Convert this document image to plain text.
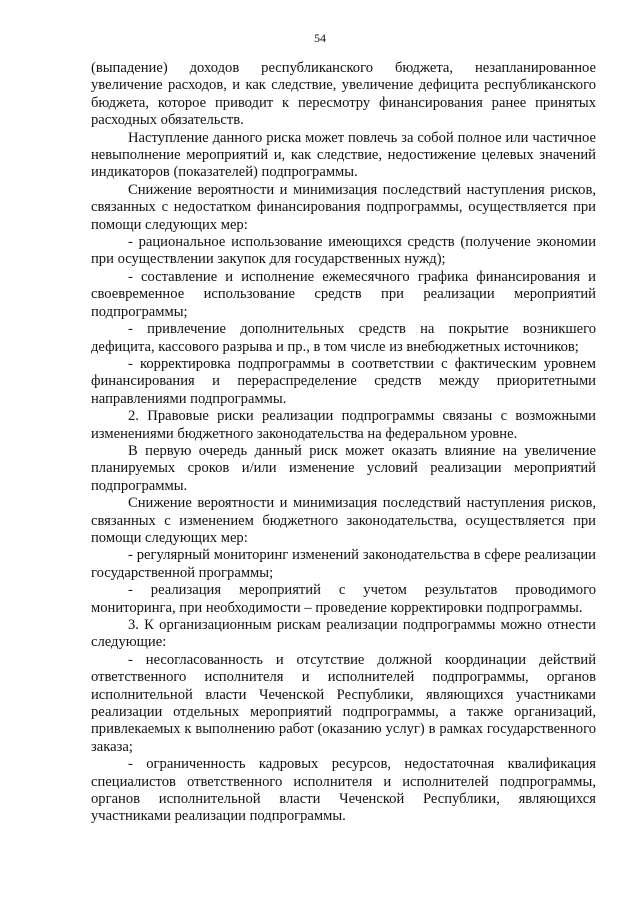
54

(выпадение) доходов республиканского бюджета, незапланированное увеличение расходов, и как следствие, увеличение дефицита республиканского бюджета, которое приводит к пересмотру финансирования ранее принятых расходных обязательств.

Наступление данного риска может повлечь за собой полное или частичное невыполнение мероприятий и, как следствие, недостижение целевых значений индикаторов (показателей) подпрограммы.

Снижение вероятности и минимизация последствий наступления рисков, связанных с недостатком финансирования подпрограммы, осуществляется при помощи следующих мер:

- рациональное использование имеющихся средств (получение экономии при осуществлении закупок для государственных нужд);

- составление и исполнение ежемесячного графика финансирования и своевременное использование средств при реализации мероприятий подпрограммы;

- привлечение дополнительных средств на покрытие возникшего дефицита, кассового разрыва и пр., в том числе из внебюджетных источников;

- корректировка подпрограммы в соответствии с фактическим уровнем финансирования и перераспределение средств между приоритетными направлениями подпрограммы.

2. Правовые риски реализации подпрограммы связаны с возможными изменениями бюджетного законодательства на федеральном уровне.

В первую очередь данный риск может оказать влияние на увеличение планируемых сроков и/или изменение условий реализации мероприятий подпрограммы.

Снижение вероятности и минимизация последствий наступления рисков, связанных с изменением бюджетного законодательства, осуществляется при помощи следующих мер:

- регулярный мониторинг изменений законодательства в сфере реализации государственной программы;

- реализация мероприятий с учетом результатов проводимого мониторинга, при необходимости – проведение корректировки подпрограммы.

3. К организационным рискам реализации подпрограммы можно отнести следующие:

- несогласованность и отсутствие должной координации действий ответственного исполнителя и исполнителей подпрограммы, органов исполнительной власти Чеченской Республики, являющихся участниками реализации отдельных мероприятий подпрограммы, а также организаций, привлекаемых к выполнению работ (оказанию услуг) в рамках государственного заказа;

- ограниченность кадровых ресурсов, недостаточная квалификация специалистов ответственного исполнителя и исполнителей подпрограммы, органов исполнительной власти Чеченской Республики, являющихся участниками реализации подпрограммы.
